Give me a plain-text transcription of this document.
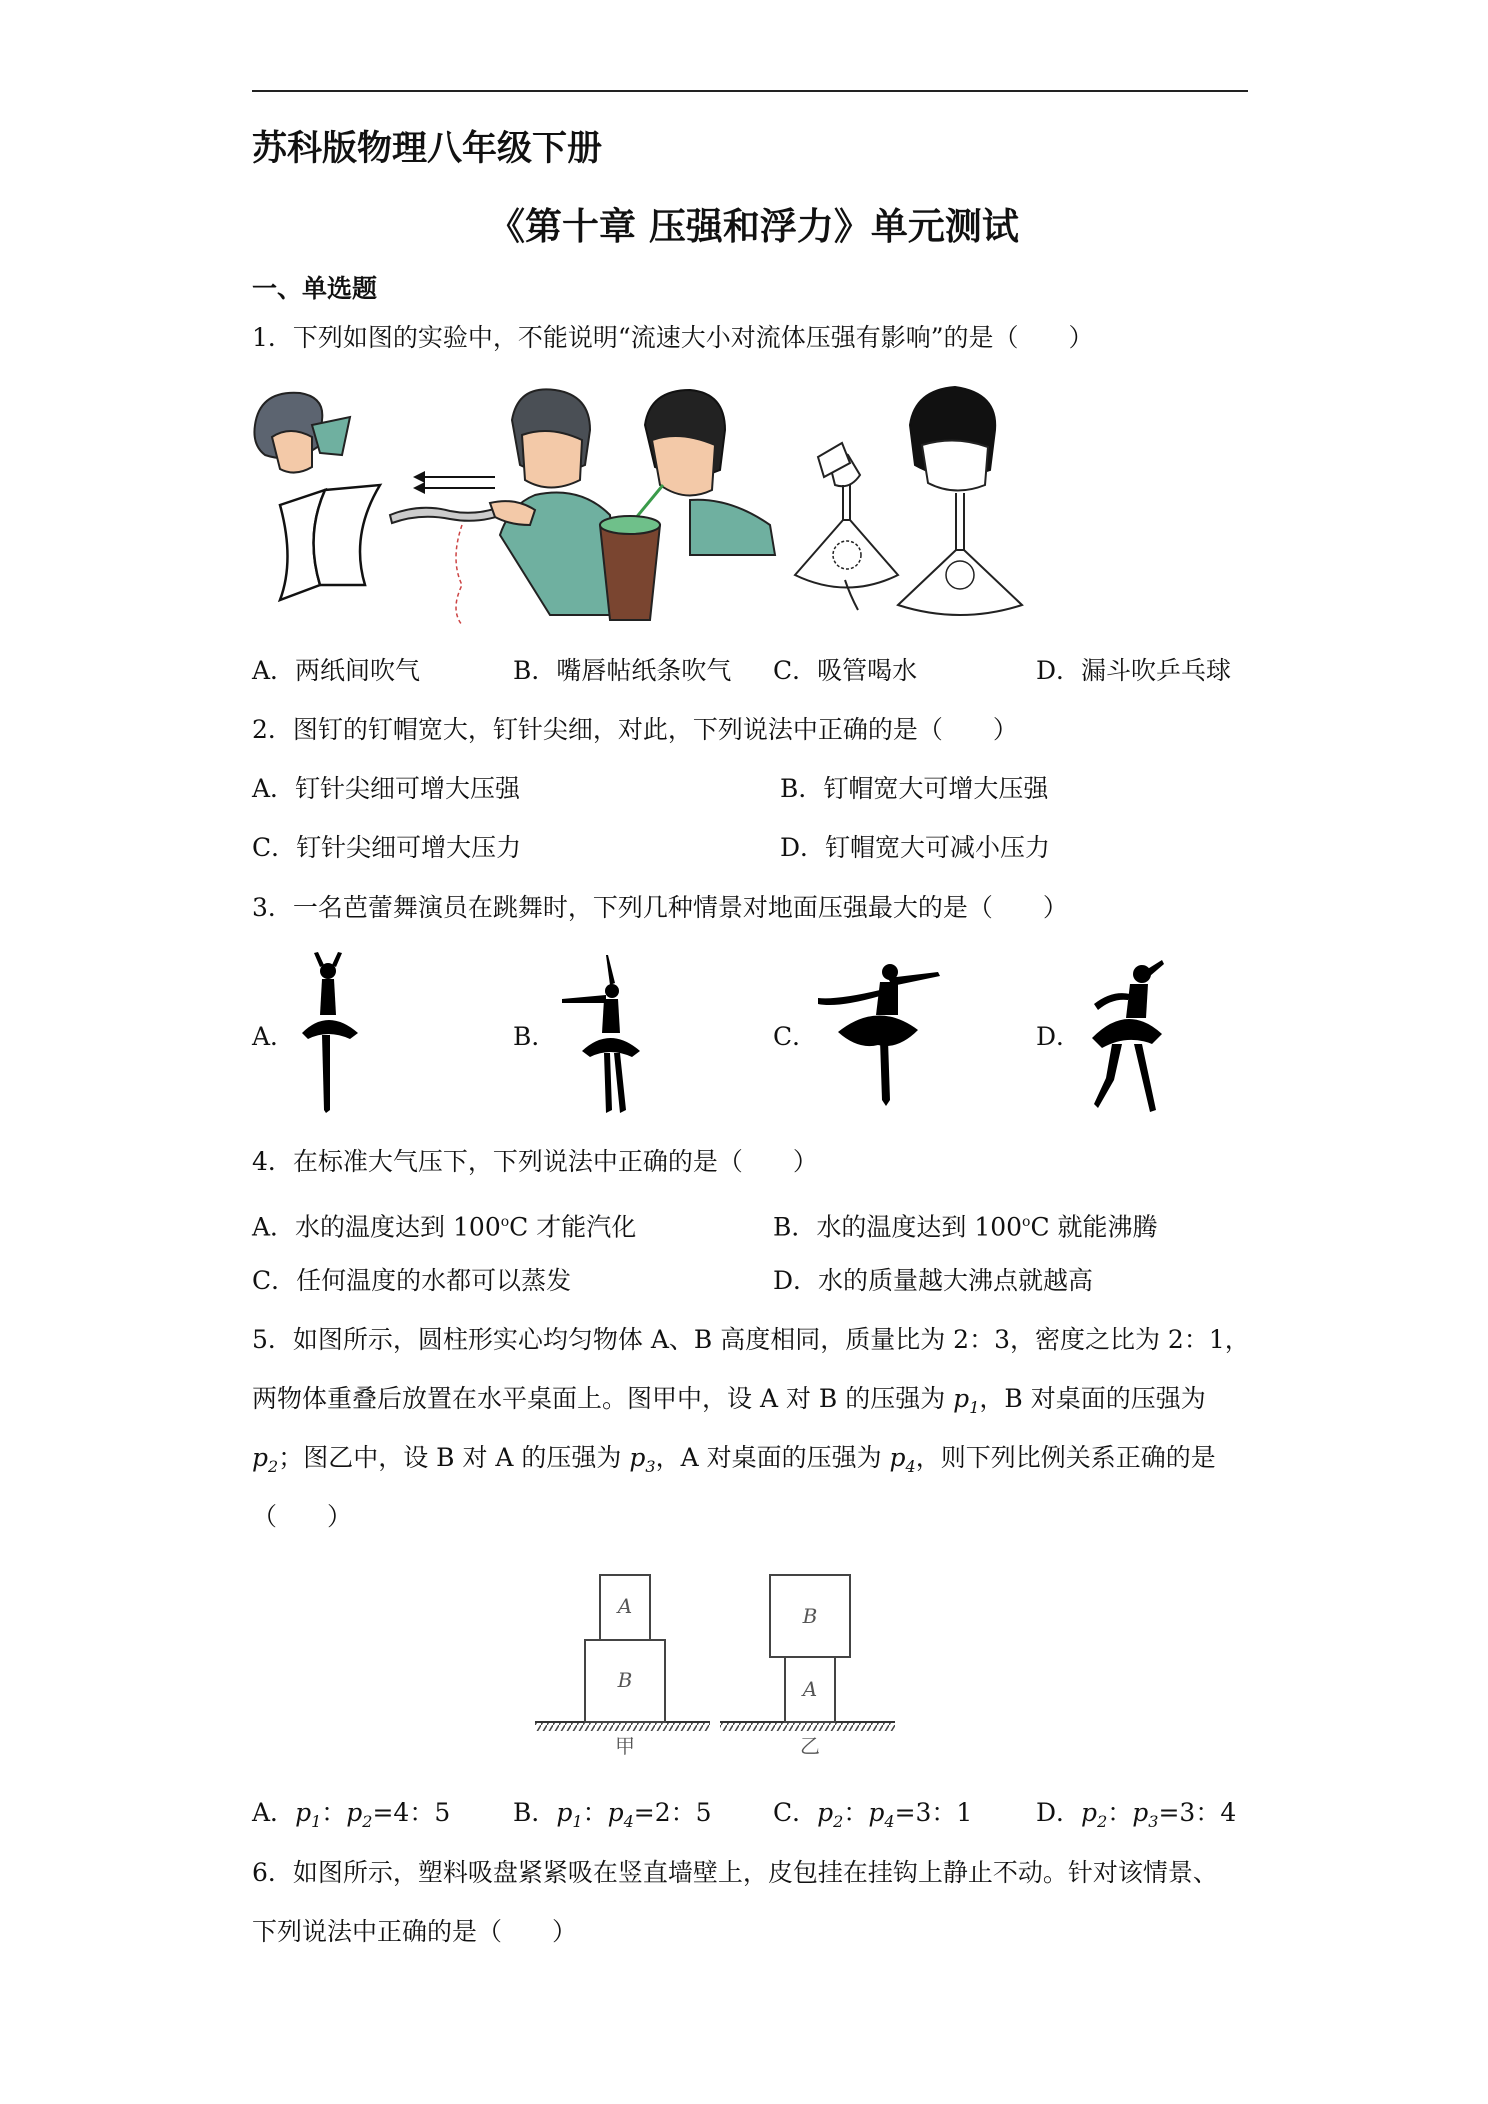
苏科版物理八年级下册
《第十章 压强和浮力》单元测试
一、单选题
1．下列如图的实验中，不能说明“流速大小对流体压强有影响”的是（　　）
A．两纸间吹气	B．嘴唇帖纸条吹气 C．吸管喝水	D．漏斗吹乒乓球
2．图钉的钉帽宽大，钉针尖细，对此，下列说法中正确的是（　　）
A．钉针尖细可增大压强	B．钉帽宽大可增大压强
C．钉针尖细可增大压力	D．钉帽宽大可减小压力
3．一名芭蕾舞演员在跳舞时，下列几种情景对地面压强最大的是（　　）
A．	B．	C．	D．
4．在标准大气压下，下列说法中正确的是（　　）
A．水的温度达到 100$^o$C 才能汽化	B．水的温度达到 100$^o$C 就能沸腾
C．任何温度的水都可以蒸发	D．水的质量越大沸点就越高
5．如图所示，圆柱形实心均匀物体 A、B 高度相同，质量比为 2：3，密度之比为 2：1，
两物体重叠后放置在水平桌面上。图甲中，设 A 对 B 的压强为 $p_1$，B 对桌面的压强为
$p_2$；图乙中，设 B 对 A 的压强为 $p_3$，A 对桌面的压强为 $p_4$，则下列比例关系正确的是
（　　）
A
B
甲
B
A
乙
A．$p_1$：$p_2=4$：5	B．$p_1$：$p_4=2$：5 C．$p_2$：$p_4=3$：1	D．$p_2$：$p_3=3$：4
6．如图所示，塑料吸盘紧紧吸在竖直墙壁上，皮包挂在挂钩上静止不动。针对该情景、
下列说法中正确的是（　　）
